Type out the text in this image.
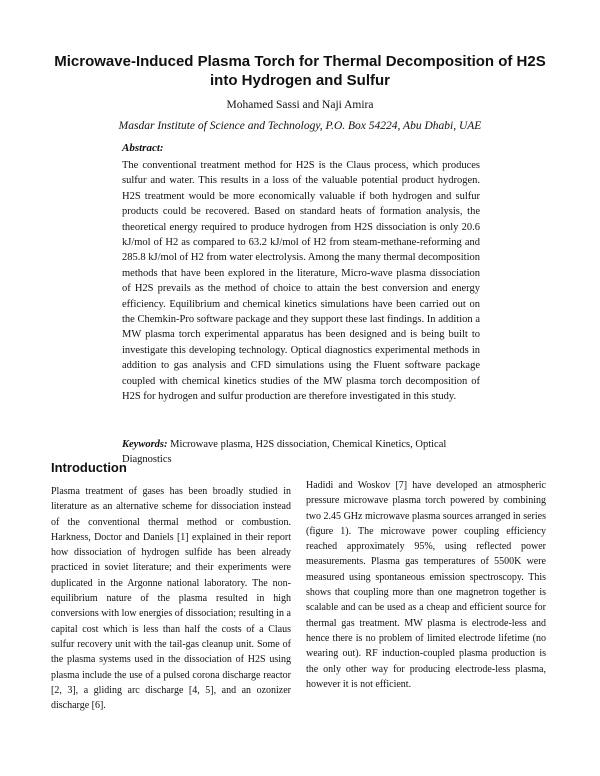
Microwave-Induced Plasma Torch for Thermal Decomposition of H2S into Hydrogen and Sulfur

Mohamed Sassi and Naji Amira

Masdar Institute of Science and Technology, P.O. Box 54224, Abu Dhabi, UAE

Abstract:

The conventional treatment method for H2S is the Claus process, which produces sulfur and water. This results in a loss of the valuable potential product hydrogen. H2S treatment would be more economically valuable if both hydrogen and sulfur products could be recovered. Based on standard heats of formation analysis, the theoretical energy required to produce hydrogen from H2S dissociation is only 20.6 kJ/mol of H2 as compared to 63.2 kJ/mol of H2 from steam-methane-reforming and 285.8 kJ/mol of H2 from water electrolysis. Among the many thermal decomposition methods that have been explored in the literature, Micro-wave plasma dissociation of H2S prevails as the method of choice to attain the best conversion and energy efficiency. Equilibrium and chemical kinetics simulations have been carried out on the Chemkin-Pro software package and they support these last findings. In addition a MW plasma torch experimental apparatus has been designed and is being built to investigate this developing technology. Optical diagnostics experimental methods in addition to gas analysis and CFD simulations using the Fluent software package coupled with chemical kinetics studies of the MW plasma torch decomposition of H2S for hydrogen and sulfur production are therefore investigated in this study.

Keywords: Microwave plasma, H2S dissociation, Chemical Kinetics, Optical Diagnostics

Introduction

Plasma treatment of gases has been broadly studied in literature as an alternative scheme for dissociation instead of the conventional thermal method or combustion. Harkness, Doctor and Daniels [1] explained in their report how dissociation of hydrogen sulfide has been already practiced in soviet literature; and their experiments were duplicated in the Argonne national laboratory. The non-equilibrium nature of the plasma resulted in high conversions with low energies of dissociation; resulting in a capital cost which is less than half the costs of a Claus sulfur recovery unit with the tail-gas cleanup unit. Some of the plasma systems used in the dissociation of H2S using plasma include the use of a pulsed corona discharge reactor [2, 3], a gliding arc discharge [4, 5], and an ozonizer discharge [6].

Hadidi and Woskov [7] have developed an atmospheric pressure microwave plasma torch powered by combining two 2.45 GHz microwave plasma sources arranged in series (figure 1). The microwave power coupling efficiency reached approximately 95%, using reflected power measurements. Plasma gas temperatures of 5500K were measured using spontaneous emission spectroscopy. This shows that coupling more than one magnetron together is scalable and can be used as a cheap and efficient source for thermal gas treatment. MW plasma is electrode-less and hence there is no problem of limited electrode lifetime (no wearing out). RF induction-coupled plasma production is the only other way for producing electrode-less plasma, however it is not efficient.
